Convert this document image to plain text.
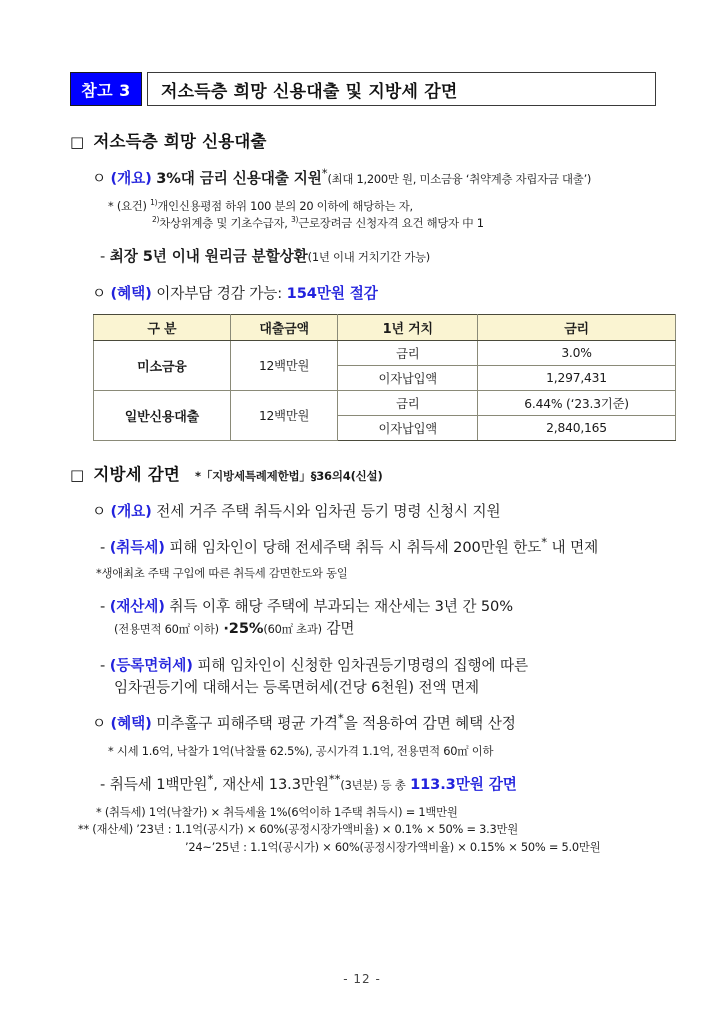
참고 3	저소득층 희망 신용대출 및 지방세 감면
□ 저소득층 희망 신용대출
ㅇ (개요) 3%대 금리 신용대출 지원*(최대 1,200만 원, 미소금융 ‘취약계층 자립자금 대출’)
* (요건) $^{1)}$개인신용평점 하위 100 분의 20 이하에 해당하는 자,
$^{2)}$차상위계층 및 기초수급자, $^{3)}$근로장려금 신청자격 요건 해당자 中 1
- 최장 5년 이내 원리금 분할상환(1년 이내 거치기간 가능)
ㅇ (혜택) 이자부담 경감 가능: 154만원 절감
구 분	대출금액	1년 거치	금리
미소금융	12백만원	금리	3.0%
		이자납입액	1,297,431
일반신용대출	12백만원	금리	6.44% (‘23.3기준)
		이자납입액	2,840,165
□ 지방세 감면 *「지방세특례제한법」§36의4(신설)
ㅇ (개요) 전세 거주 주택 취득시와 임차권 등기 명령 신청시 지원
- (취득세) 피해 임차인이 당해 전세주택 취득 시 취득세 200만원 한도* 내 면제
*생애최초 주택 구입에 따른 취득세 감면한도와 동일
- (재산세) 취득 이후 해당 주택에 부과되는 재산세는 3년 간 50%
(전용면적 60㎡ 이하) ·25%(60㎡ 초과) 감면
- (등록면허세) 피해 임차인이 신청한 임차권등기명령의 집행에 따른
임차권등기에 대해서는 등록면허세(건당 6천원) 전액 면제
ㅇ (혜택) 미추홀구 피해주택 평균 가격*을 적용하여 감면 혜택 산정
* 시세 1.6억, 낙찰가 1억(낙찰률 62.5%), 공시가격 1.1억, 전용면적 60㎡ 이하
- 취득세 1백만원*, 재산세 13.3만원**(3년분) 등 총 113.3만원 감면
* (취득세) 1억(낙찰가) × 취득세율 1%(6억이하 1주택 취득시) = 1백만원
** (재산세) ’23년 : 1.1억(공시가) × 60%(공정시장가액비율) × 0.1% × 50% = 3.3만원
’24~’25년 : 1.1억(공시가) × 60%(공정시장가액비율) × 0.15% × 50% = 5.0만원
- 12 -
